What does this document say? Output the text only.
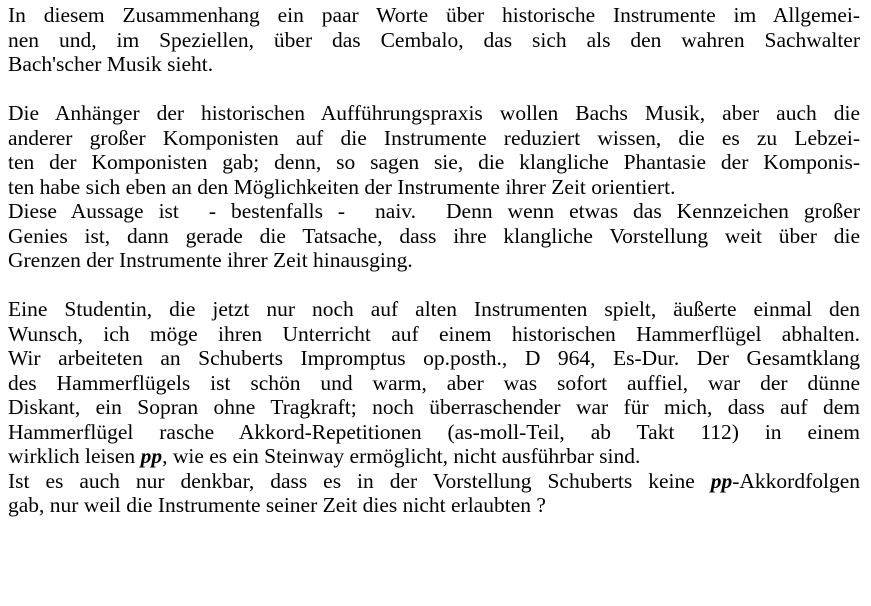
In diesem Zusammenhang ein paar Worte über historische Instrumente im Allgemei-
nen und, im Speziellen, über das Cembalo, das sich als den wahren Sachwalter
Bach'scher Musik sieht.
Die Anhänger der historischen Aufführungspraxis wollen Bachs Musik, aber auch die
anderer großer Komponisten auf die Instrumente reduziert wissen, die es zu Lebzei-
ten der Komponisten gab; denn, so sagen sie, die klangliche Phantasie der Komponis-
ten habe sich eben an den Möglichkeiten der Instrumente ihrer Zeit orientiert.
Diese Aussage ist  - bestenfalls -  naiv.  Denn wenn etwas das Kennzeichen großer
Genies ist, dann gerade die Tatsache, dass ihre klangliche Vorstellung weit über die
Grenzen der Instrumente ihrer Zeit hinausging.
Eine Studentin, die jetzt nur noch auf alten Instrumenten spielt, äußerte einmal den
Wunsch, ich möge ihren Unterricht auf einem historischen Hammerflügel abhalten.
Wir arbeiteten an Schuberts Impromptus op.posth., D 964, Es-Dur. Der Gesamtklang
des Hammerflügels ist schön und warm, aber was sofort auffiel, war der dünne
Diskant, ein Sopran ohne Tragkraft; noch überraschender war für mich, dass auf dem
Hammerflügel rasche Akkord-Repetitionen (as-moll-Teil, ab Takt 112) in einem
wirklich leisen pp, wie es ein Steinway ermöglicht, nicht ausführbar sind.
Ist es auch nur denkbar, dass es in der Vorstellung Schuberts keine pp-Akkordfolgen
gab, nur weil die Instrumente seiner Zeit dies nicht erlaubten ?
